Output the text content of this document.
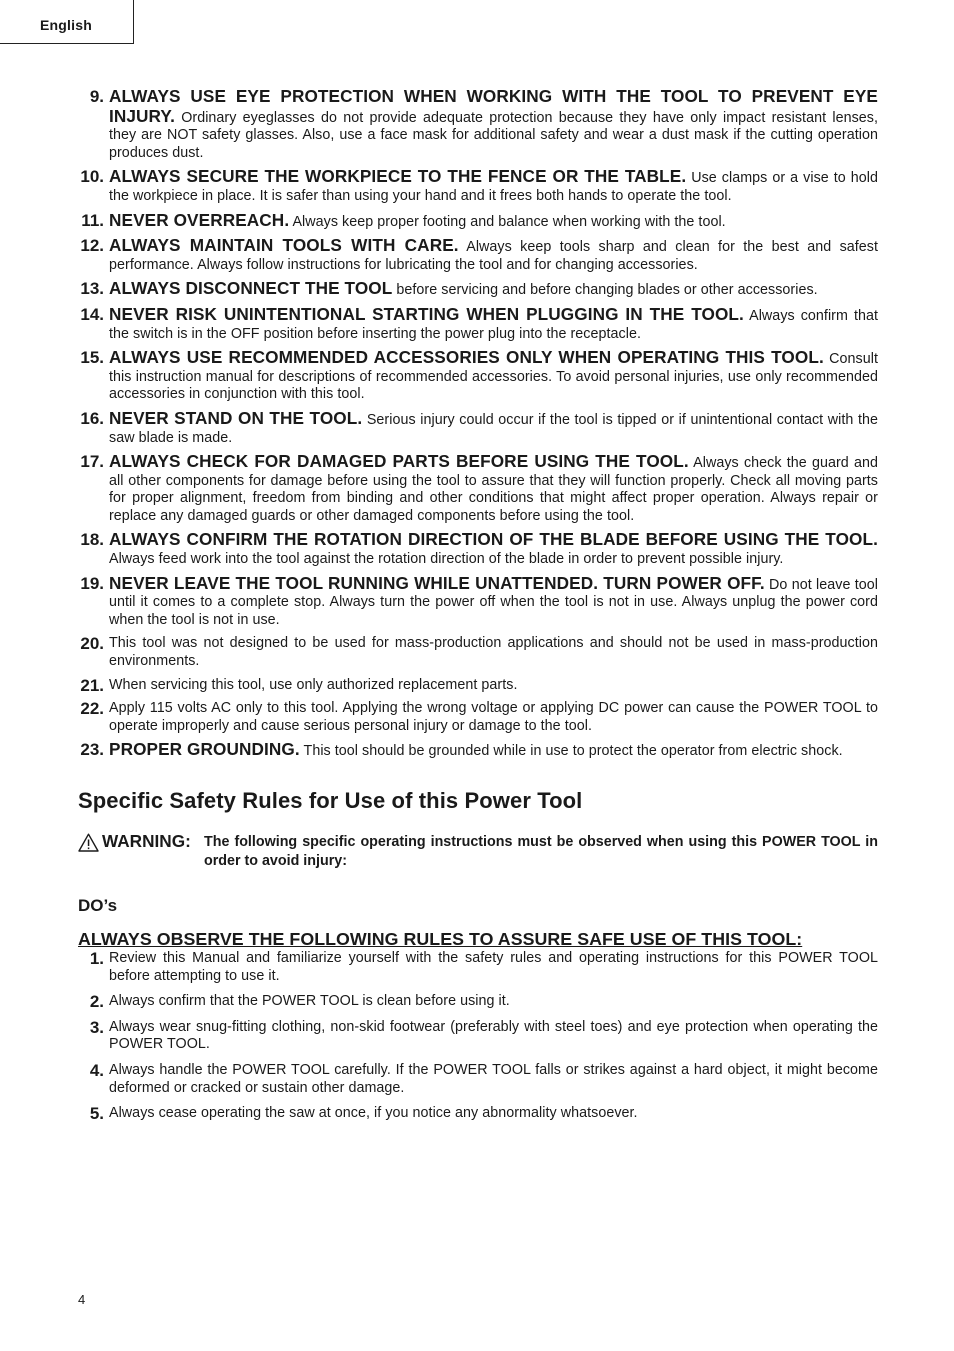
English
9. ALWAYS USE EYE PROTECTION WHEN WORKING WITH THE TOOL TO PREVENT EYE INJURY. Ordinary eyeglasses do not provide adequate protection because they have only impact resistant lenses, they are NOT safety glasses. Also, use a face mask for additional safety and wear a dust mask if the cutting operation produces dust.
10. ALWAYS SECURE THE WORKPIECE TO THE FENCE OR THE TABLE. Use clamps or a vise to hold the workpiece in place. It is safer than using your hand and it frees both hands to operate the tool.
11. NEVER OVERREACH. Always keep proper footing and balance when working with the tool.
12. ALWAYS MAINTAIN TOOLS WITH CARE. Always keep tools sharp and clean for the best and safest performance. Always follow instructions for lubricating the tool and for changing accessories.
13. ALWAYS DISCONNECT THE TOOL before servicing and before changing blades or other accessories.
14. NEVER RISK UNINTENTIONAL STARTING WHEN PLUGGING IN THE TOOL. Always confirm that the switch is in the OFF position before inserting the power plug into the receptacle.
15. ALWAYS USE RECOMMENDED ACCESSORIES ONLY WHEN OPERATING THIS TOOL. Consult this instruction manual for descriptions of recommended accessories. To avoid personal injuries, use only recommended accessories in conjunction with this tool.
16. NEVER STAND ON THE TOOL. Serious injury could occur if the tool is tipped or if unintentional contact with the saw blade is made.
17. ALWAYS CHECK FOR DAMAGED PARTS BEFORE USING THE TOOL. Always check the guard and all other components for damage before using the tool to assure that they will function properly. Check all moving parts for proper alignment, freedom from binding and other conditions that might affect proper operation. Always repair or replace any damaged guards or other damaged components before using the tool.
18. ALWAYS CONFIRM THE ROTATION DIRECTION OF THE BLADE BEFORE USING THE TOOL. Always feed work into the tool against the rotation direction of the blade in order to prevent possible injury.
19. NEVER LEAVE THE TOOL RUNNING WHILE UNATTENDED. TURN POWER OFF. Do not leave tool until it comes to a complete stop. Always turn the power off when the tool is not in use. Always unplug the power cord when the tool is not in use.
20. This tool was not designed to be used for mass-production applications and should not be used in mass-production environments.
21. When servicing this tool, use only authorized replacement parts.
22. Apply 115 volts AC only to this tool. Applying the wrong voltage or applying DC power can cause the POWER TOOL to operate improperly and cause serious personal injury or damage to the tool.
23. PROPER GROUNDING. This tool should be grounded while in use to protect the operator from electric shock.
Specific Safety Rules for Use of this Power Tool
WARNING: The following specific operating instructions must be observed when using this POWER TOOL in order to avoid injury:
DO’s
ALWAYS OBSERVE THE FOLLOWING RULES TO ASSURE SAFE USE OF THIS TOOL:
1. Review this Manual and familiarize yourself with the safety rules and operating instructions for this POWER TOOL before attempting to use it.
2. Always confirm that the POWER TOOL is clean before using it.
3. Always wear snug-fitting clothing, non-skid footwear (preferably with steel toes) and eye protection when operating the POWER TOOL.
4. Always handle the POWER TOOL carefully. If the POWER TOOL falls or strikes against a hard object, it might become deformed or cracked or sustain other damage.
5. Always cease operating the saw at once, if you notice any abnormality whatsoever.
4
